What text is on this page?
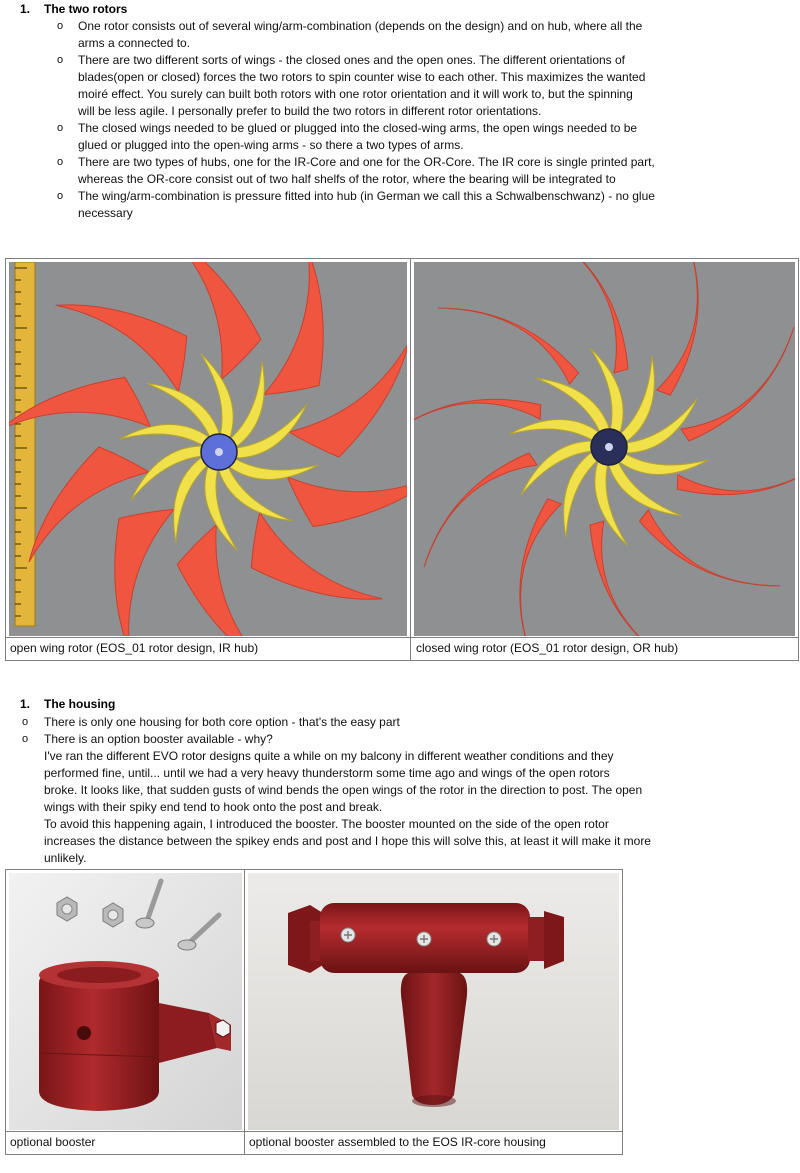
1. The two rotors
o One rotor consists out of several wing/arm-combination (depends on the design) and on hub, where all the
arms a connected to.
o There are two different sorts of wings - the closed ones and the open ones. The different orientations of
blades(open or closed) forces the two rotors to spin counter wise to each other. This maximizes the wanted
moiré effect. You surely can built both rotors with one rotor orientation and it will work to, but the spinning
will be less agile. I personally prefer to build the two rotors in different rotor orientations.
o The closed wings needed to be glued or plugged into the closed-wing arms, the open wings needed to be
glued or plugged into the open-wing arms - so there a two types of arms.
o There are two types of hubs, one for the IR-Core and one for the OR-Core. The IR core is single printed part,
whereas the OR-core consist out of two half shelfs of the rotor, where the bearing will be integrated to
o The wing/arm-combination is pressure fitted into hub (in German we call this a Schwalbenschwanz) - no glue
necessary
open wing rotor (EOS_01 rotor design, IR hub)	closed wing rotor (EOS_01 rotor design, OR hub)
1. The housing
o There is only one housing for both core option - that's the easy part
o There is an option booster available - why?
I've ran the different EVO rotor designs quite a while on my balcony in different weather conditions and they
performed fine, until... until we had a very heavy thunderstorm some time ago and wings of the open rotors
broke. It looks like, that sudden gusts of wind bends the open wings of the rotor in the direction to post. The open
wings with their spiky end tend to hook onto the post and break.
To avoid this happening again, I introduced the booster. The booster mounted on the side of the open rotor
increases the distance between the spikey ends and post and I hope this will solve this, at least it will make it more
unlikely.
optional booster	optional booster assembled to the EOS IR-core housing
